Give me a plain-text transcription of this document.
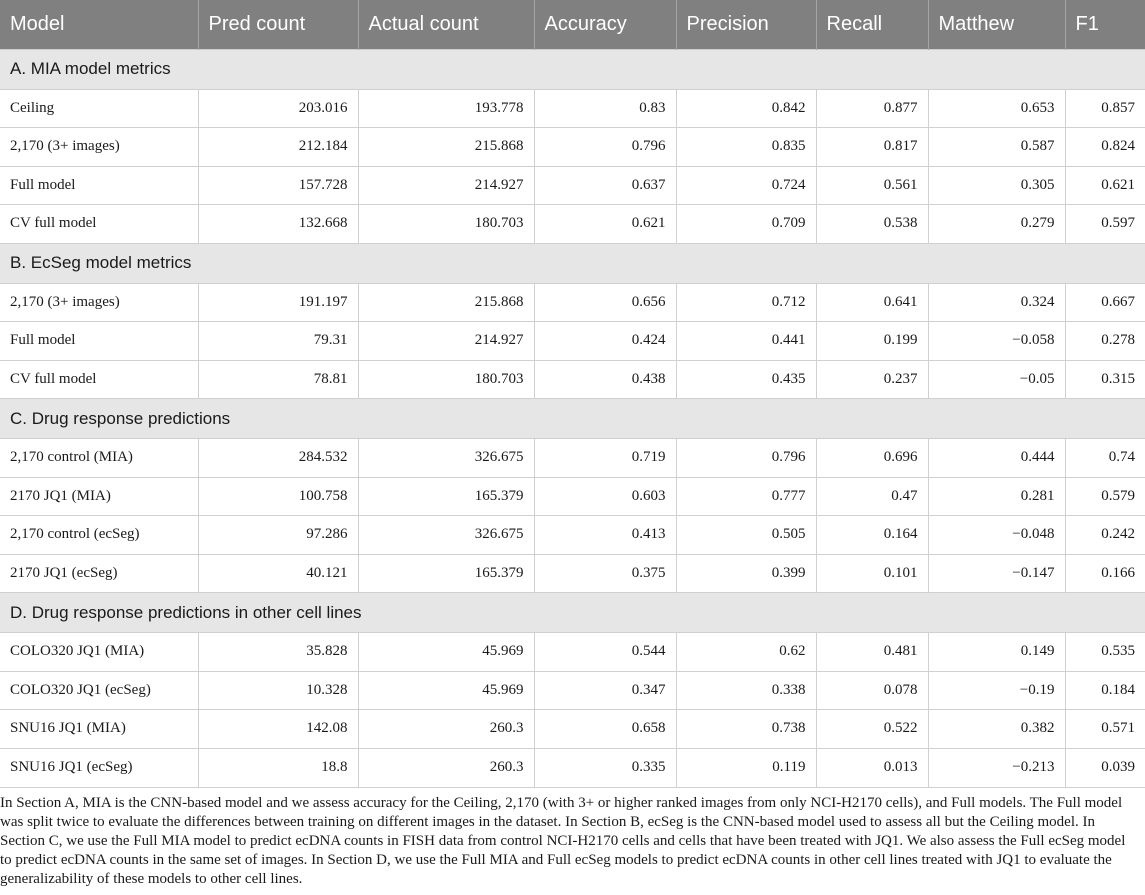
Model	Pred count	Actual count	Accuracy	Precision	Recall	Matthew	F1
A. MIA model metrics							
Ceiling	203.016	193.778	0.83	0.842	0.877	0.653	0.857
2,170 (3+ images)	212.184	215.868	0.796	0.835	0.817	0.587	0.824
Full model	157.728	214.927	0.637	0.724	0.561	0.305	0.621
CV full model	132.668	180.703	0.621	0.709	0.538	0.279	0.597
B. EcSeg model metrics							
2,170 (3+ images)	191.197	215.868	0.656	0.712	0.641	0.324	0.667
Full model	79.31	214.927	0.424	0.441	0.199	−0.058	0.278
CV full model	78.81	180.703	0.438	0.435	0.237	−0.05	0.315
C. Drug response predictions							
2,170 control (MIA)	284.532	326.675	0.719	0.796	0.696	0.444	0.74
2170 JQ1 (MIA)	100.758	165.379	0.603	0.777	0.47	0.281	0.579
2,170 control (ecSeg)	97.286	326.675	0.413	0.505	0.164	−0.048	0.242
2170 JQ1 (ecSeg)	40.121	165.379	0.375	0.399	0.101	−0.147	0.166
D. Drug response predictions in other cell lines							
COLO320 JQ1 (MIA)	35.828	45.969	0.544	0.62	0.481	0.149	0.535
COLO320 JQ1 (ecSeg)	10.328	45.969	0.347	0.338	0.078	−0.19	0.184
SNU16 JQ1 (MIA)	142.08	260.3	0.658	0.738	0.522	0.382	0.571
SNU16 JQ1 (ecSeg)	18.8	260.3	0.335	0.119	0.013	−0.213	0.039

In Section A, MIA is the CNN-based model and we assess accuracy for the Ceiling, 2,170 (with 3+ or higher ranked images from only NCI-H2170 cells), and Full models. The Full model was split twice to evaluate the differences between training on different images in the dataset. In Section B, ecSeg is the CNN-based model used to assess all but the Ceiling model. In Section C, we use the Full MIA model to predict ecDNA counts in FISH data from control NCI-H2170 cells and cells that have been treated with JQ1. We also assess the Full ecSeg model to predict ecDNA counts in the same set of images. In Section D, we use the Full MIA and Full ecSeg models to predict ecDNA counts in other cell lines treated with JQ1 to evaluate the generalizability of these models to other cell lines.
